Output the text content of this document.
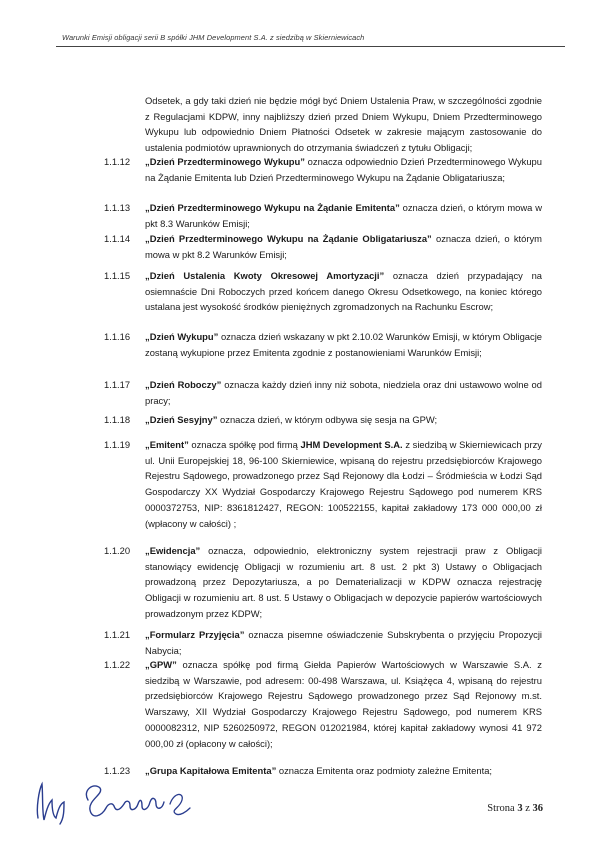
Warunki Emisji obligacji serii B spółki JHM Development S.A. z siedzibą w Skierniewicach
Odsetek, a gdy taki dzień nie będzie mógł być Dniem Ustalenia Praw, w szczególności zgodnie z Regulacjami KDPW, inny najbliższy dzień przed Dniem Wykupu, Dniem Przedterminowego Wykupu lub odpowiednio Dniem Płatności Odsetek w zakresie mającym zastosowanie do ustalenia podmiotów uprawnionych do otrzymania świadczeń z tytułu Obligacji;
1.1.12 „Dzień Przedterminowego Wykupu” oznacza odpowiednio Dzień Przedterminowego Wykupu na Żądanie Emitenta lub Dzień Przedterminowego Wykupu na Żądanie Obligatariusza;
1.1.13 „Dzień Przedterminowego Wykupu na Żądanie Emitenta” oznacza dzień, o którym mowa w pkt 8.3 Warunków Emisji;
1.1.14 „Dzień Przedterminowego Wykupu na Żądanie Obligatariusza” oznacza dzień, o którym mowa w pkt 8.2 Warunków Emisji;
1.1.15 „Dzień Ustalenia Kwoty Okresowej Amortyzacji” oznacza dzień przypadający na osiemnaście Dni Roboczych przed końcem danego Okresu Odsetkowego, na koniec którego ustalana jest wysokość środków pieniężnych zgromadzonych na Rachunku Escrow;
1.1.16 „Dzień Wykupu” oznacza dzień wskazany w pkt 2.10.02 Warunków Emisji, w którym Obligacje zostaną wykupione przez Emitenta zgodnie z postanowieniami Warunków Emisji;
1.1.17 „Dzień Roboczy” oznacza każdy dzień inny niż sobota, niedziela oraz dni ustawowo wolne od pracy;
1.1.18 „Dzień Sesyjny” oznacza dzień, w którym odbywa się sesja na GPW;
1.1.19 „Emitent” oznacza spółkę pod firmą JHM Development S.A. z siedzibą w Skierniewicach przy ul. Unii Europejskiej 18, 96-100 Skierniewice, wpisaną do rejestru przedsiębiorców Krajowego Rejestru Sądowego, prowadzonego przez Sąd Rejonowy dla Łodzi – Śródmieścia w Łodzi Sąd Gospodarczy XX Wydział Gospodarczy Krajowego Rejestru Sądowego pod numerem KRS 0000372753, NIP: 8361812427, REGON: 100522155, kapitał zakładowy 173 000 000,00 zł (wpłacony w całości) ;
1.1.20 „Ewidencja” oznacza, odpowiednio, elektroniczny system rejestracji praw z Obligacji stanowiący ewidencję Obligacji w rozumieniu art. 8 ust. 2 pkt 3) Ustawy o Obligacjach prowadzoną przez Depozytariusza, a po Dematerializacji w KDPW oznacza rejestrację Obligacji w rozumieniu art. 8 ust. 5 Ustawy o Obligacjach w depozycie papierów wartościowych prowadzonym przez KDPW;
1.1.21 „Formularz Przyjęcia” oznacza pisemne oświadczenie Subskrybenta o przyjęciu Propozycji Nabycia;
1.1.22 „GPW” oznacza spółkę pod firmą Giełda Papierów Wartościowych w Warszawie S.A. z siedzibą w Warszawie, pod adresem: 00-498 Warszawa, ul. Książęca 4, wpisaną do rejestru przedsiębiorców Krajowego Rejestru Sądowego prowadzonego przez Sąd Rejonowy m.st. Warszawy, XII Wydział Gospodarczy Krajowego Rejestru Sądowego, pod numerem KRS 0000082312, NIP 5260250972, REGON 012021984, której kapitał zakładowy wynosi 41 972 000,00 zł (opłacony w całości);
1.1.23 „Grupa Kapitałowa Emitenta” oznacza Emitenta oraz podmioty zależne Emitenta;
Strona 3 z 36
